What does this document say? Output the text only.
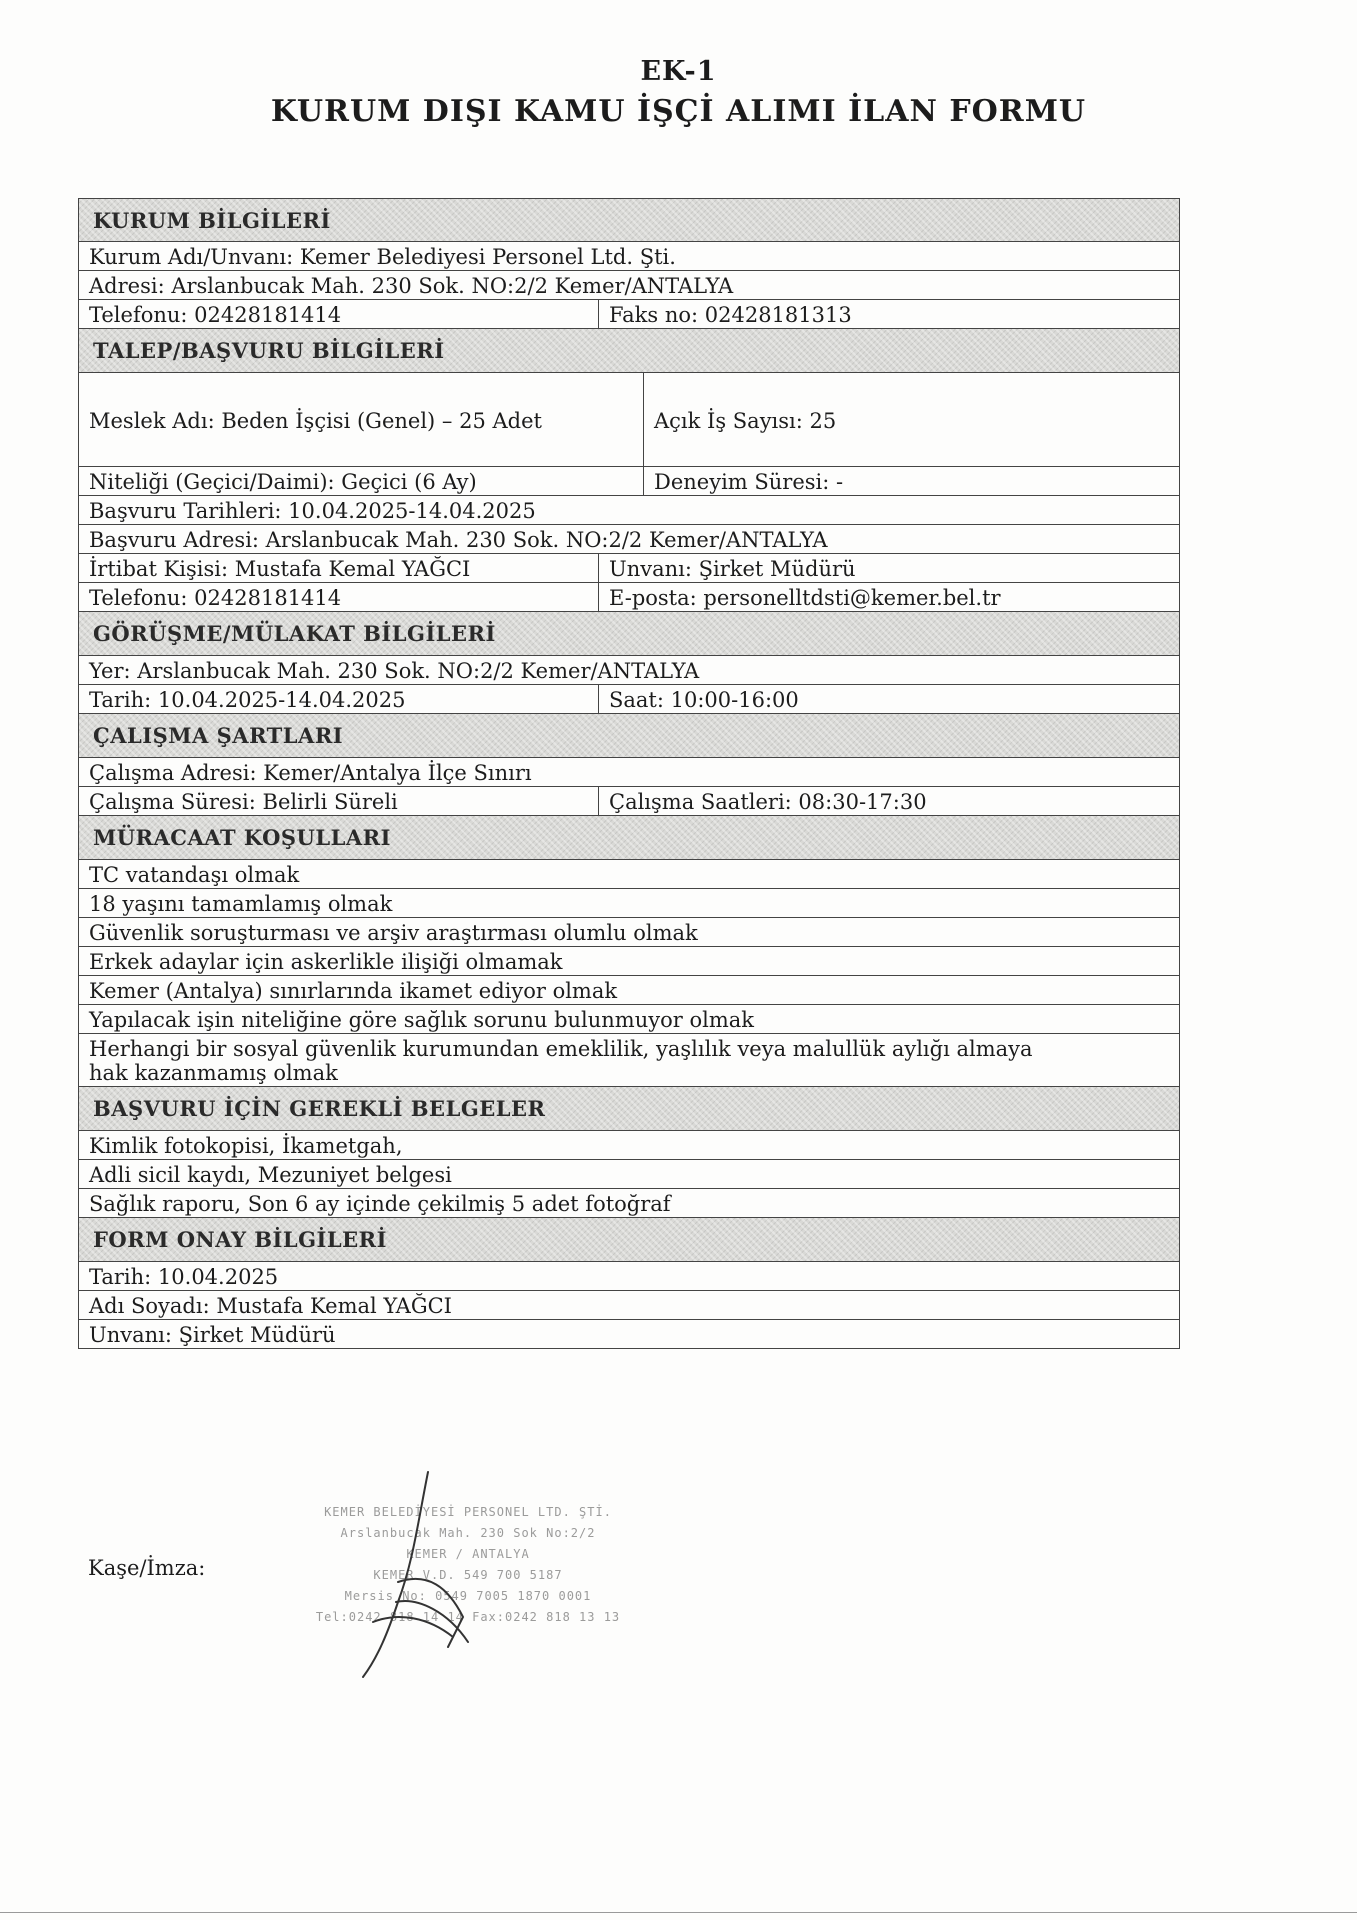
EK-1
KURUM DIŞI KAMU İŞÇİ ALIMI İLAN FORMU
KURUM BİLGİLERİ
Kurum Adı/Unvanı: Kemer Belediyesi Personel Ltd. Şti.
Adresi: Arslanbucak Mah. 230 Sok. NO:2/2 Kemer/ANTALYA
Telefonu: 02428181414	Faks no: 02428181313
TALEP/BAŞVURU BİLGİLERİ
Meslek Adı: Beden İşçisi (Genel) – 25 Adet	Açık İş Sayısı: 25
Niteliği (Geçici/Daimi): Geçici (6 Ay)	Deneyim Süresi: -
Başvuru Tarihleri: 10.04.2025-14.04.2025
Başvuru Adresi: Arslanbucak Mah. 230 Sok. NO:2/2 Kemer/ANTALYA
İrtibat Kişisi: Mustafa Kemal YAĞCI	Unvanı: Şirket Müdürü
Telefonu: 02428181414	E-posta: personelltdsti@kemer.bel.tr
GÖRÜŞME/MÜLAKAT BİLGİLERİ
Yer: Arslanbucak Mah. 230 Sok. NO:2/2 Kemer/ANTALYA
Tarih: 10.04.2025-14.04.2025	Saat: 10:00-16:00
ÇALIŞMA ŞARTLARI
Çalışma Adresi: Kemer/Antalya İlçe Sınırı
Çalışma Süresi: Belirli Süreli	Çalışma Saatleri: 08:30-17:30
MÜRACAAT KOŞULLARI
TC vatandaşı olmak
18 yaşını tamamlamış olmak
Güvenlik soruşturması ve arşiv araştırması olumlu olmak
Erkek adaylar için askerlikle ilişiği olmamak
Kemer (Antalya) sınırlarında ikamet ediyor olmak
Yapılacak işin niteliğine göre sağlık sorunu bulunmuyor olmak
Herhangi bir sosyal güvenlik kurumundan emeklilik, yaşlılık veya malullük aylığı almaya hak kazanmamış olmak
BAŞVURU İÇİN GEREKLİ BELGELER
Kimlik fotokopisi, İkametgah,
Adli sicil kaydı, Mezuniyet belgesi
Sağlık raporu, Son 6 ay içinde çekilmiş 5 adet fotoğraf
FORM ONAY BİLGİLERİ
Tarih: 10.04.2025
Adı Soyadı: Mustafa Kemal YAĞCI
Unvanı: Şirket Müdürü
Kaşe/İmza:
KEMER BELEDİYESİ PERSONEL LTD. ŞTİ.
Arslanbucak Mah. 230 Sok No:2/2
KEMER / ANTALYA
KEMER V.D. 549 700 5187
Mersis No: 0549 7005 1870 0001
Tel:0242 818 14 14 Fax:0242 818 13 13
